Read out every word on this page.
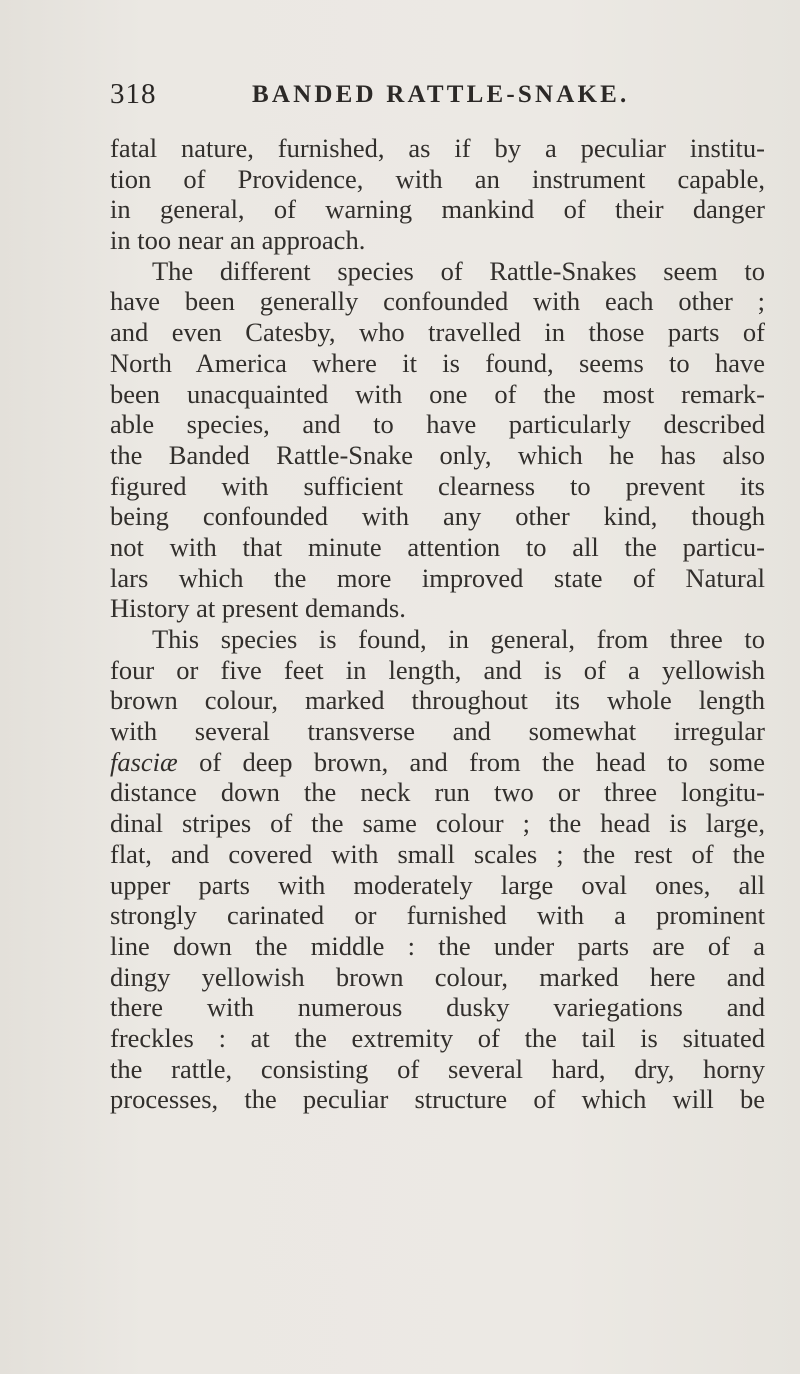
318	BANDED RATTLE-SNAKE.
fatal nature, furnished, as if by a peculiar institu-
tion of Providence, with an instrument capable,
in general, of warning mankind of their danger
in too near an approach.
The different species of Rattle-Snakes seem to
have been generally confounded with each other ;
and even Catesby, who travelled in those parts of
North America where it is found, seems to have
been unacquainted with one of the most remark-
able species, and to have particularly described
the Banded Rattle-Snake only, which he has also
figured with sufficient clearness to prevent its
being confounded with any other kind, though
not with that minute attention to all the particu-
lars which the more improved state of Natural
History at present demands.
This species is found, in general, from three to
four or five feet in length, and is of a yellowish
brown colour, marked throughout its whole length
with several transverse and somewhat irregular
fasciæ of deep brown, and from the head to some
distance down the neck run two or three longitu-
dinal stripes of the same colour ; the head is large,
flat, and covered with small scales ; the rest of the
upper parts with moderately large oval ones, all
strongly carinated or furnished with a prominent
line down the middle : the under parts are of a
dingy yellowish brown colour, marked here and
there with numerous dusky variegations and
freckles : at the extremity of the tail is situated
the rattle, consisting of several hard, dry, horny
processes, the peculiar structure of which will be
